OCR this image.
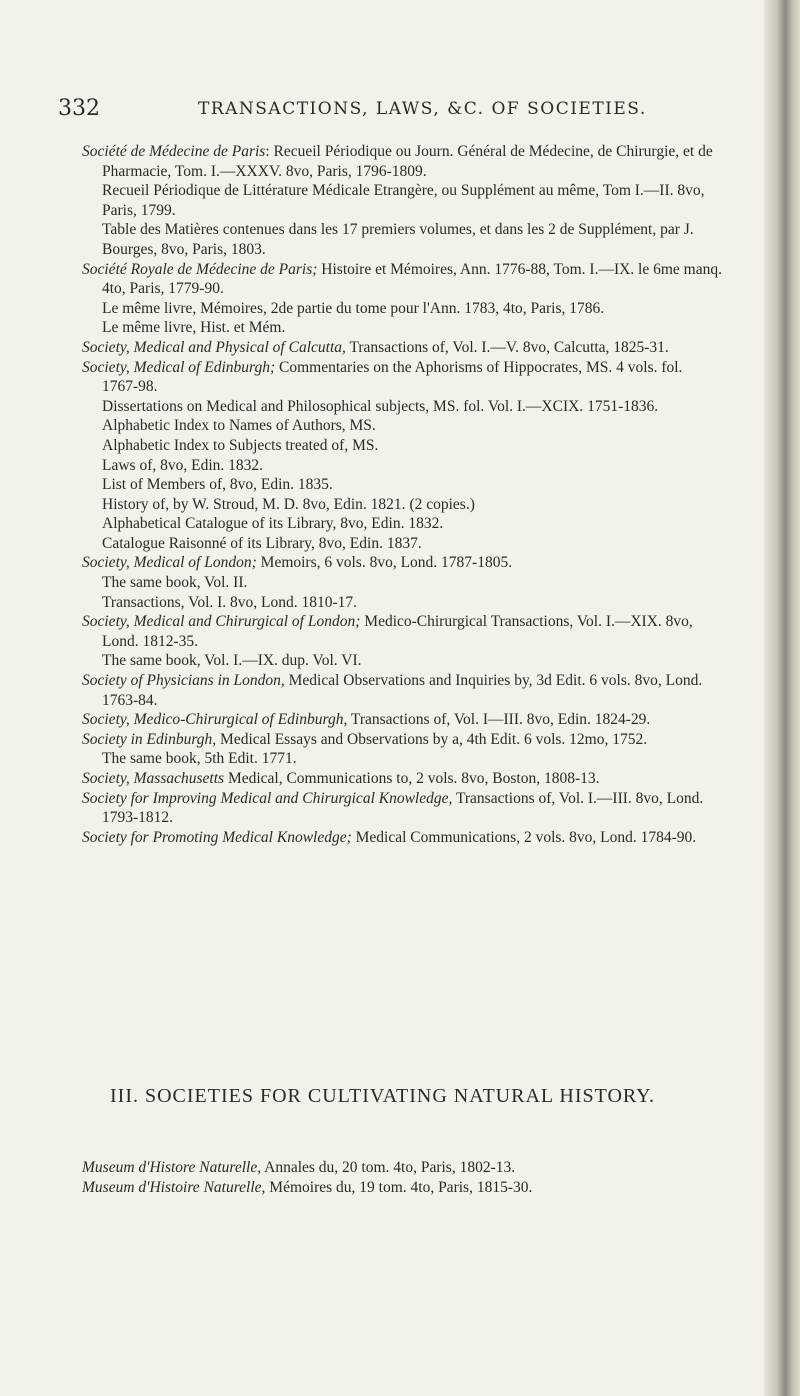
332	TRANSACTIONS, LAWS, &C. OF SOCIETIES.

Société de Médecine de Paris: Recueil Périodique ou Journ. Général de Médecine, de Chirurgie, et de Pharmacie, Tom. I.—XXXV. 8vo, Paris, 1796-1809.

Recueil Périodique de Littérature Médicale Etrangère, ou Supplément au même, Tom I.—II. 8vo, Paris, 1799.

Table des Matières contenues dans les 17 premiers volumes, et dans les 2 de Supplément, par J. Bourges, 8vo, Paris, 1803.

Société Royale de Médecine de Paris; Histoire et Mémoires, Ann. 1776-88, Tom. I.—IX. le 6me manq. 4to, Paris, 1779-90.

Le même livre, Mémoires, 2de partie du tome pour l'Ann. 1783, 4to, Paris, 1786.

Le même livre, Hist. et Mém.

Society, Medical and Physical of Calcutta, Transactions of, Vol. I.—V. 8vo, Calcutta, 1825-31.

Society, Medical of Edinburgh; Commentaries on the Aphorisms of Hippocrates, MS. 4 vols. fol. 1767-98.

Dissertations on Medical and Philosophical subjects, MS. fol. Vol. I.—XCIX. 1751-1836.

Alphabetic Index to Names of Authors, MS.

Alphabetic Index to Subjects treated of, MS.

Laws of, 8vo, Edin. 1832.

List of Members of, 8vo, Edin. 1835.

History of, by W. Stroud, M. D. 8vo, Edin. 1821. (2 copies.)

Alphabetical Catalogue of its Library, 8vo, Edin. 1832.

Catalogue Raisonné of its Library, 8vo, Edin. 1837.

Society, Medical of London; Memoirs, 6 vols. 8vo, Lond. 1787-1805.

The same book, Vol. II.

Transactions, Vol. I. 8vo, Lond. 1810-17.

Society, Medical and Chirurgical of London; Medico-Chirurgical Transactions, Vol. I.—XIX. 8vo, Lond. 1812-35.

The same book, Vol. I.—IX. dup. Vol. VI.

Society of Physicians in London, Medical Observations and Inquiries by, 3d Edit. 6 vols. 8vo, Lond. 1763-84.

Society, Medico-Chirurgical of Edinburgh, Transactions of, Vol. I—III. 8vo, Edin. 1824-29.

Society in Edinburgh, Medical Essays and Observations by a, 4th Edit. 6 vols. 12mo, 1752.

The same book, 5th Edit. 1771.

Society, Massachusetts Medical, Communications to, 2 vols. 8vo, Boston, 1808-13.

Society for Improving Medical and Chirurgical Knowledge, Transactions of, Vol. I.—III. 8vo, Lond. 1793-1812.

Society for Promoting Medical Knowledge; Medical Communications, 2 vols. 8vo, Lond. 1784-90.

III. SOCIETIES FOR CULTIVATING NATURAL HISTORY.

Museum d'Histore Naturelle, Annales du, 20 tom. 4to, Paris, 1802-13.

Museum d'Histoire Naturelle, Mémoires du, 19 tom. 4to, Paris, 1815-30.
